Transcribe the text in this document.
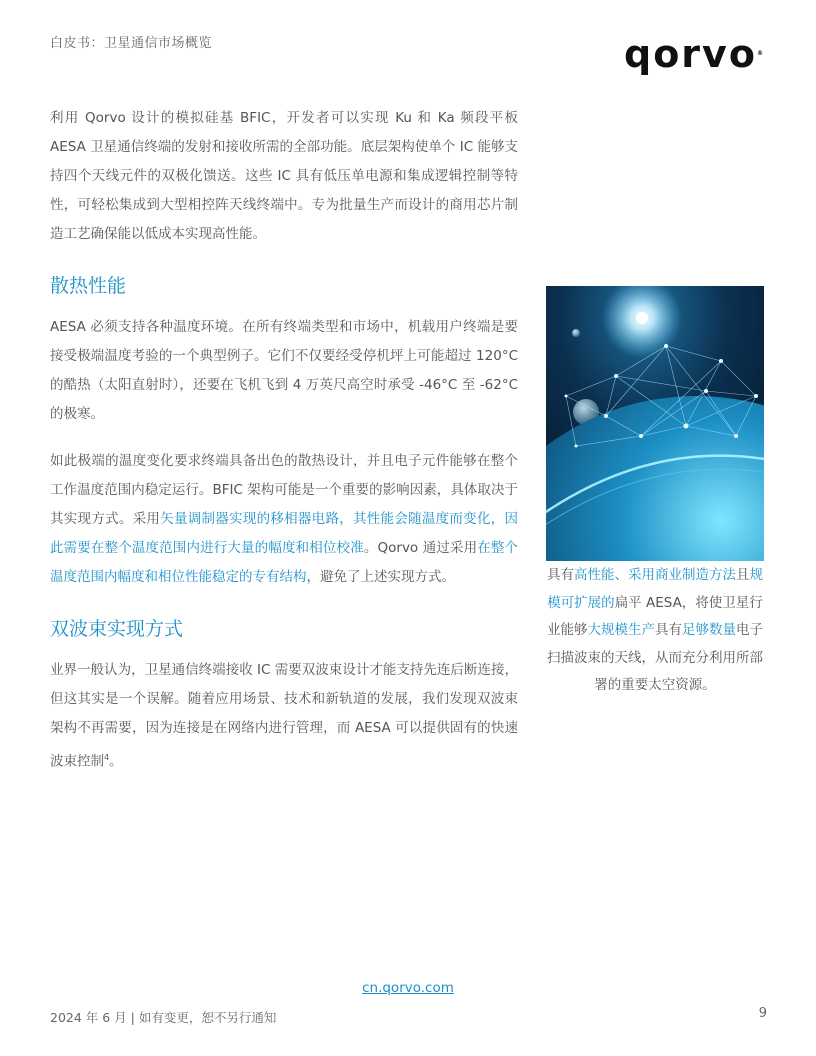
白皮书：卫星通信市场概览	qorvo®

利用 Qorvo 设计的模拟硅基 BFIC，开发者可以实现 Ku 和 Ka 频段平板 AESA 卫星通信终端的发射和接收所需的全部功能。底层架构使单个 IC 能够支持四个天线元件的双极化馈送。这些 IC 具有低压单电源和集成逻辑控制等特性，可轻松集成到大型相控阵天线终端中。专为批量生产而设计的商用芯片制造工艺确保能以低成本实现高性能。

散热性能

AESA 必须支持各种温度环境。在所有终端类型和市场中，机载用户终端是要接受极端温度考验的一个典型例子。它们不仅要经受停机坪上可能超过 120°C 的酷热（太阳直射时），还要在飞机飞到 4 万英尺高空时承受 -46°C 至 -62°C 的极寒。

如此极端的温度变化要求终端具备出色的散热设计，并且电子元件能够在整个工作温度范围内稳定运行。BFIC 架构可能是一个重要的影响因素，具体取决于其实现方式。采用矢量调制器实现的移相器电路，其性能会随温度而变化，因此需要在整个温度范围内进行大量的幅度和相位校准。Qorvo 通过采用在整个温度范围内幅度和相位性能稳定的专有结构，避免了上述实现方式。

双波束实现方式

业界一般认为，卫星通信终端接收 IC 需要双波束设计才能支持先连后断连接，但这其实是一个误解。随着应用场景、技术和新轨道的发展，我们发现双波束架构不再需要，因为连接是在网络内进行管理，而 AESA 可以提供固有的快速波束控制$^4$。

具有高性能、采用商业制造方法且规模可扩展的扁平 AESA，将使卫星行业能够大规模生产具有足够数量电子扫描波束的天线，从而充分利用所部署的重要太空资源。
cn.qorvo.com
2024 年 6 月 | 如有变更，恕不另行通知	9
